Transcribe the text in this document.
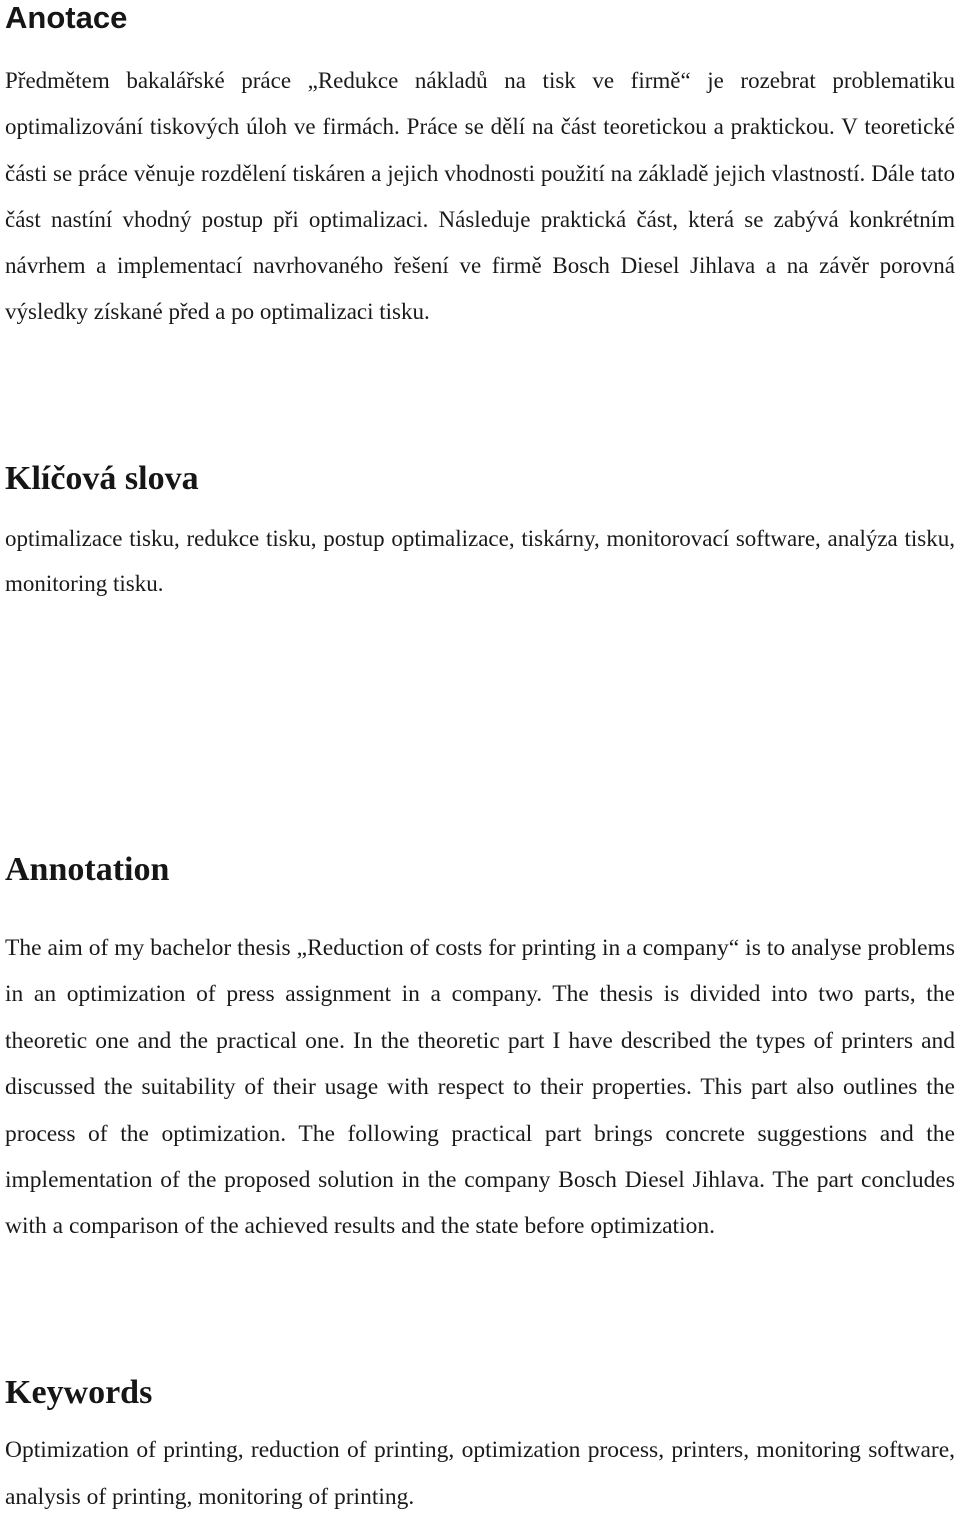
Anotace

Předmětem bakalářské práce „Redukce nákladů na tisk ve firmě“ je rozebrat problematiku optimalizování tiskových úloh ve firmách. Práce se dělí na část teoretickou a praktickou. V teoretické části se práce věnuje rozdělení tiskáren a jejich vhodnosti použití na základě jejich vlastností. Dále tato část nastíní vhodný postup při optimalizaci. Následuje praktická část, která se zabývá konkrétním návrhem a implementací navrhovaného řešení ve firmě Bosch Diesel Jihlava a na závěr porovná výsledky získané před a po optimalizaci tisku.

Klíčová slova

optimalizace tisku, redukce tisku, postup optimalizace, tiskárny, monitorovací software, analýza tisku, monitoring tisku.

Annotation

The aim of my bachelor thesis „Reduction of costs for printing in a company“ is to analyse problems in an optimization of press assignment in a company. The thesis is divided into two parts, the theoretic one and the practical one. In the theoretic part I have described the types of printers and discussed the suitability of their usage with respect to their properties. This part also outlines the process of the optimization. The following practical part brings concrete suggestions and the implementation of the proposed solution in the company Bosch Diesel Jihlava. The part concludes with a comparison of the achieved results and the state before optimization.

Keywords

Optimization of printing, reduction of printing, optimization process, printers, monitoring software, analysis of printing, monitoring of printing.
